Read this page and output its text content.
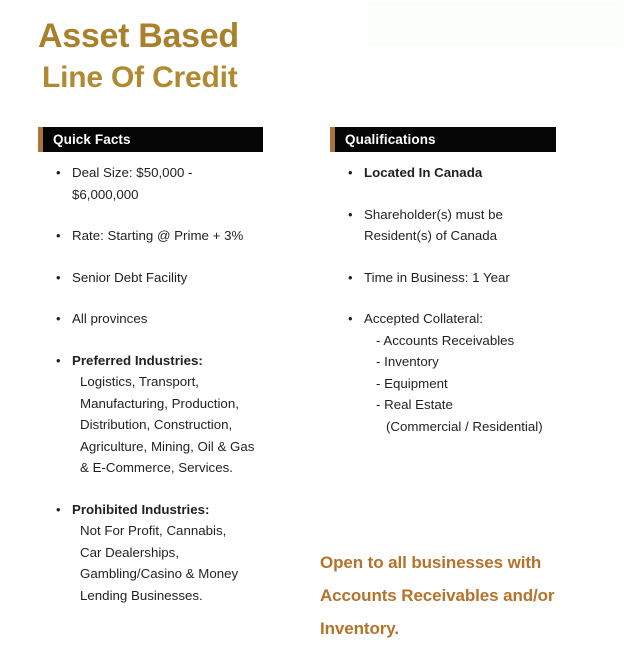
Asset Based
Line Of Credit
Quick Facts	Qualifications
• Deal Size: $50,000 -
$6,000,000
• Rate: Starting @ Prime + 3%
• Senior Debt Facility
• All provinces
• Preferred Industries:
Logistics, Transport,
Manufacturing, Production,
Distribution, Construction,
Agriculture, Mining, Oil & Gas
& E-Commerce, Services.
• Prohibited Industries:
Not For Profit, Cannabis,
Car Dealerships,
Gambling/Casino & Money
Lending Businesses.
• Located In Canada
• Shareholder(s) must be
Resident(s) of Canada
• Time in Business: 1 Year
• Accepted Collateral:
- Accounts Receivables
- Inventory
- Equipment
- Real Estate
(Commercial / Residential)
Open to all businesses with
Accounts Receivables and/or
Inventory.
